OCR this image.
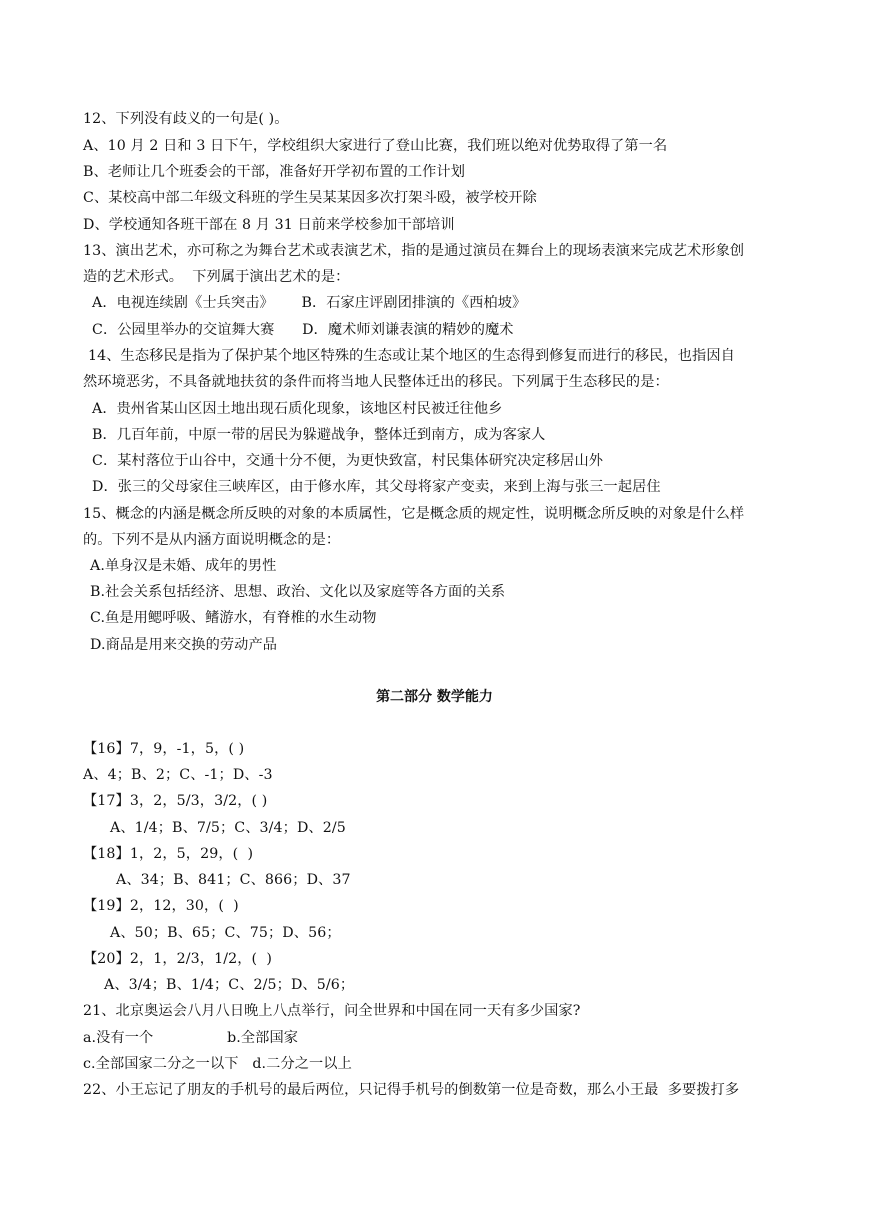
12、下列没有歧义的一句是( )。
A、10 月 2 日和 3 日下午，学校组织大家进行了登山比赛，我们班以绝对优势取得了第一名
B、老师让几个班委会的干部，准备好开学初布置的工作计划
C、某校高中部二年级文科班的学生吴某某因多次打架斗殴，被学校开除
D、学校通知各班干部在 8 月 31 日前来学校参加干部培训
13、演出艺术，亦可称之为舞台艺术或表演艺术，指的是通过演员在舞台上的现场表演来完成艺术形象创
造的艺术形式。  下列属于演出艺术的是：
A．电视连续剧《士兵突击》      B．石家庄评剧团排演的《西柏坡》
C．公园里举办的交谊舞大赛      D．魔术师刘谦表演的精妙的魔术
14、生态移民是指为了保护某个地区特殊的生态或让某个地区的生态得到修复而进行的移民，也指因自
然环境恶劣，不具备就地扶贫的条件而将当地人民整体迁出的移民。下列属于生态移民的是：
A．贵州省某山区因土地出现石质化现象，该地区村民被迁往他乡
B．几百年前，中原一带的居民为躲避战争，整体迁到南方，成为客家人
C．某村落位于山谷中，交通十分不便，为更快致富，村民集体研究决定移居山外
D．张三的父母家住三峡库区，由于修水库，其父母将家产变卖，来到上海与张三一起居住
15、概念的内涵是概念所反映的对象的本质属性，它是概念质的规定性，说明概念所反映的对象是什么样
的。下列不是从内涵方面说明概念的是：
A.单身汉是未婚、成年的男性
B.社会关系包括经济、思想、政治、文化以及家庭等各方面的关系
C.鱼是用鳃呼吸、鳍游水，有脊椎的水生动物
D.商品是用来交换的劳动产品
第二部分 数学能力
【16】7，9，-1，5，( )
A、4；B、2；C、-1；D、-3
【17】3，2，5/3，3/2，( )
A、1/4；B、7/5；C、3/4；D、2/5
【18】1，2，5，29，(  )
A、34；B、841；C、866；D、37
【19】2，12，30，(  )
A、50；B、65；C、75；D、56；
【20】2，1，2/3，1/2，(  )
A、3/4；B、1/4；C、2/5；D、5/6；
21、北京奥运会八月八日晚上八点举行，问全世界和中国在同一天有多少国家?
a.没有一个                b.全部国家
c.全部国家二分之一以下   d.二分之一以上
22、小王忘记了朋友的手机号的最后两位，只记得手机号的倒数第一位是奇数，那么小王最  多要拨打多
